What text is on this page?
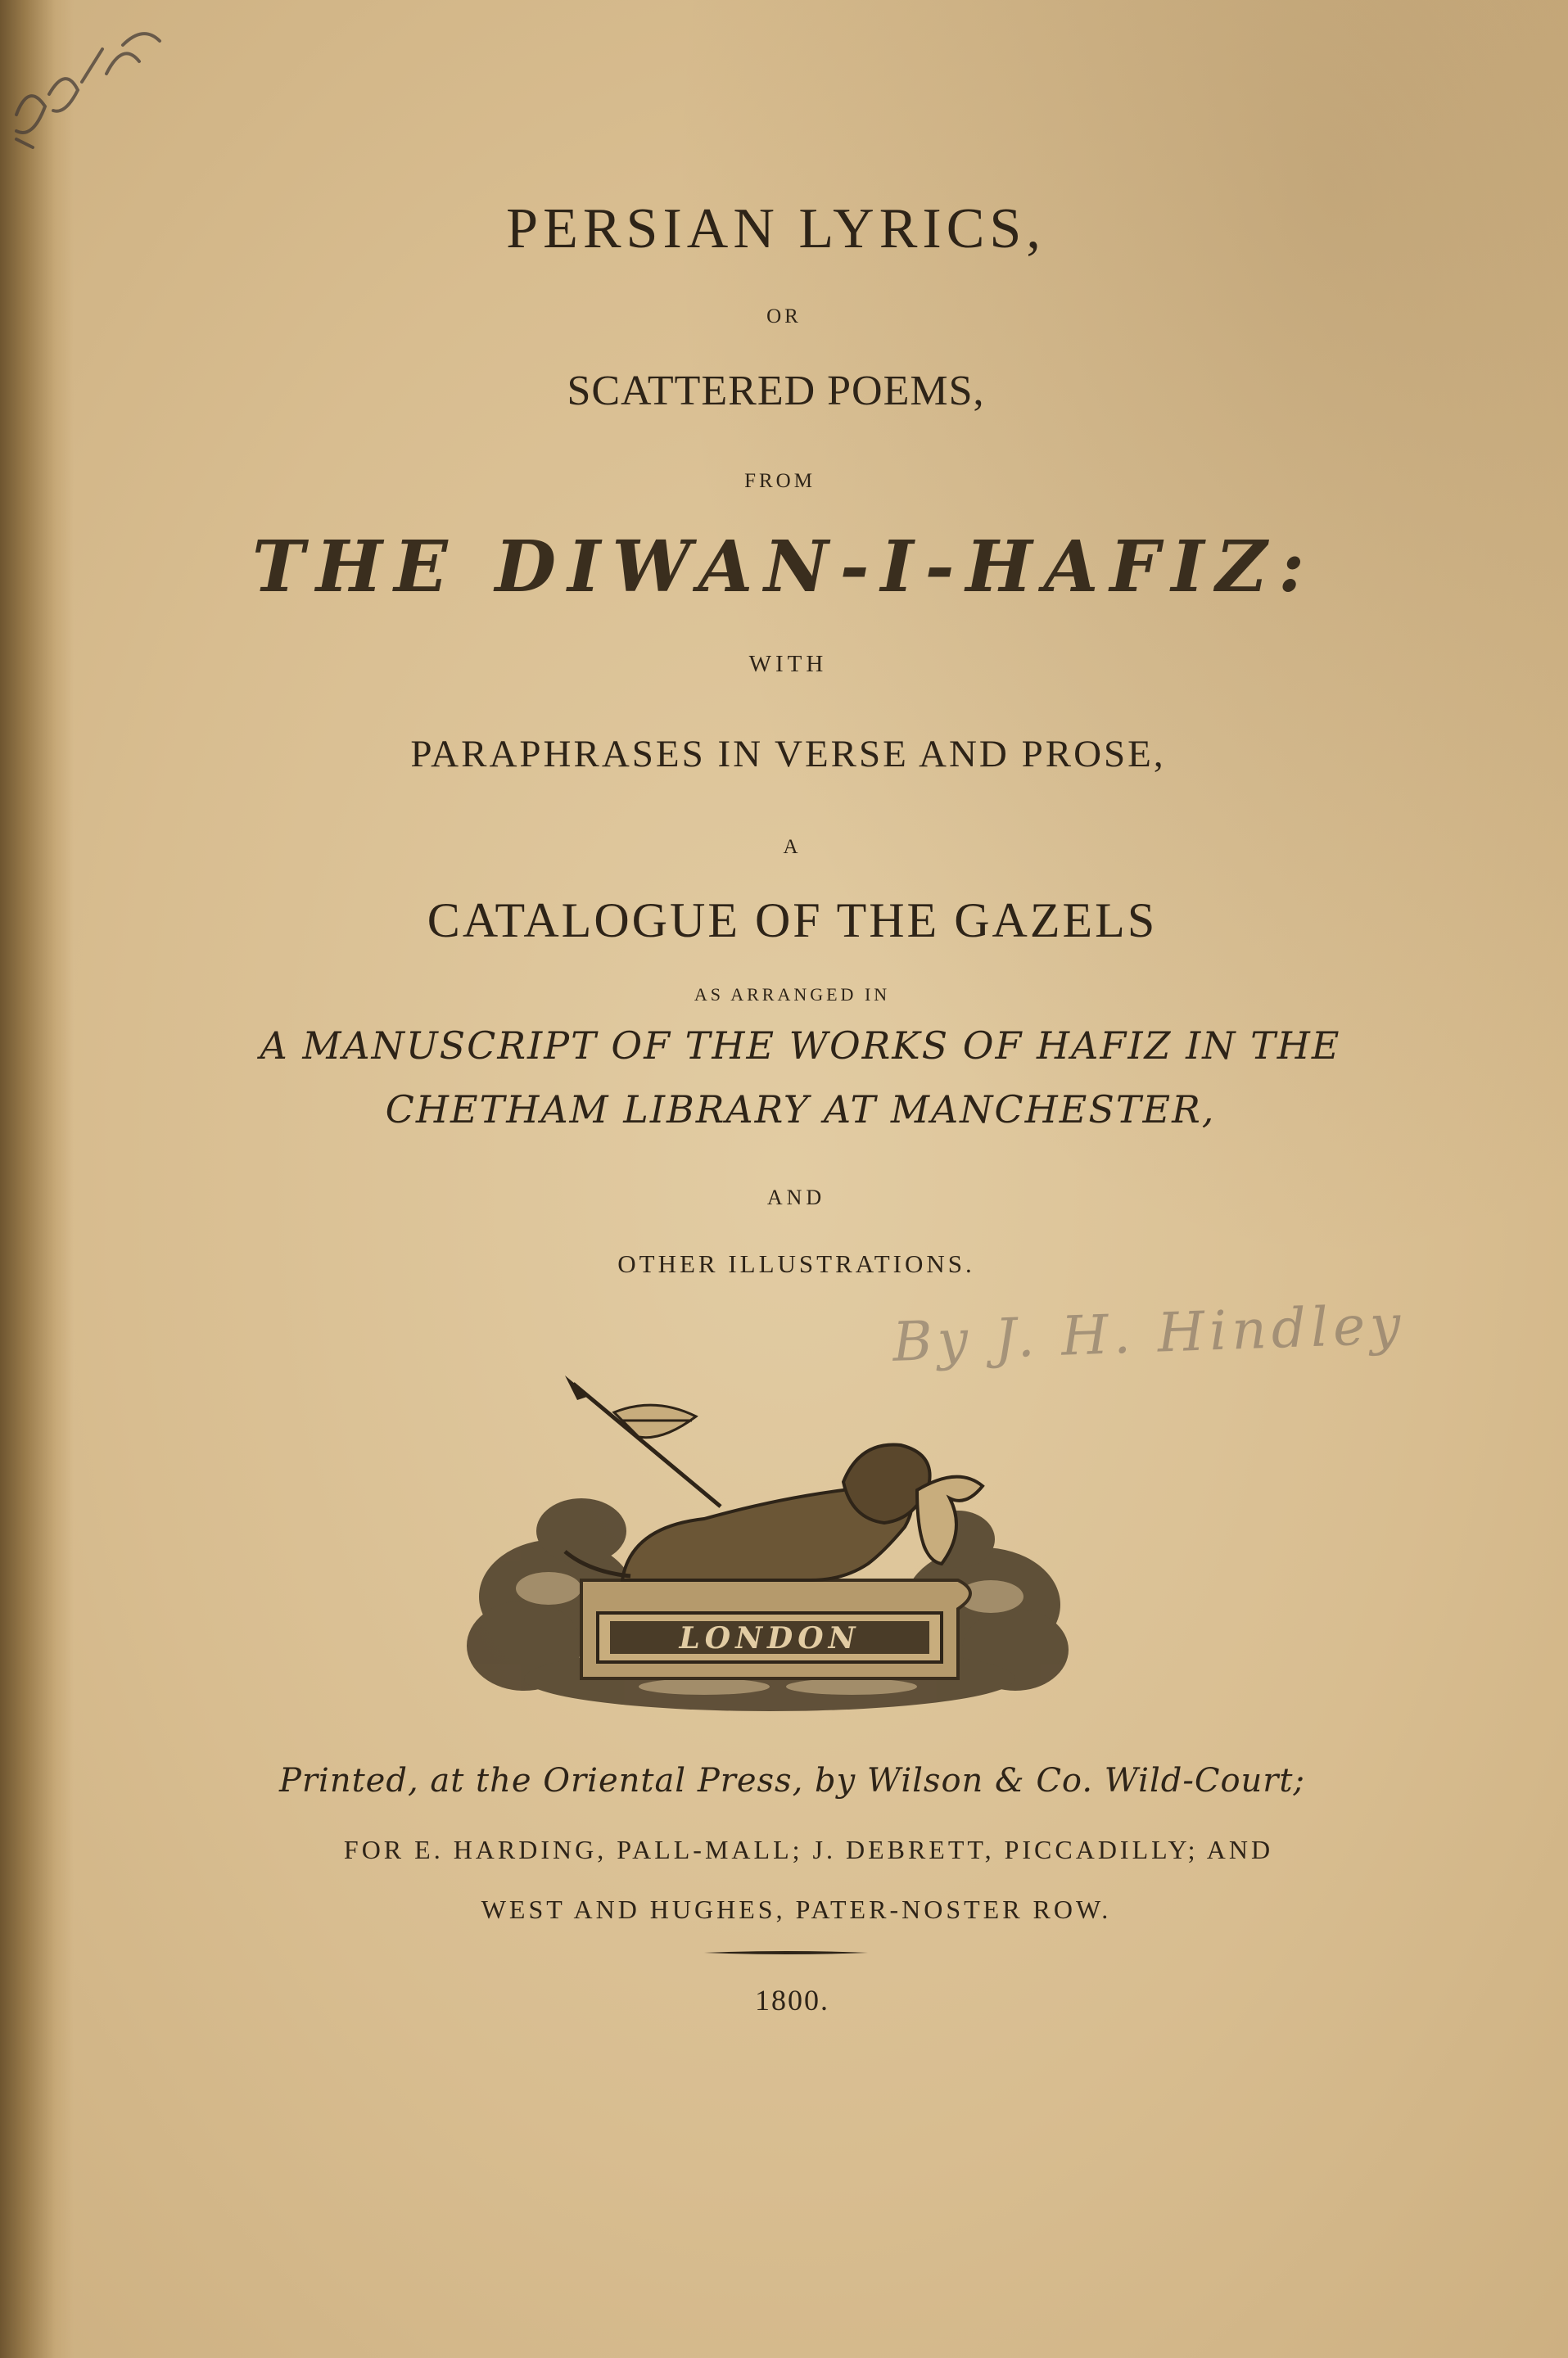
23/-28
PERSIAN LYRICS,
OR
SCATTERED POEMS,
FROM
THE DIWAN-I-HAFIZ:
WITH
PARAPHRASES IN VERSE AND PROSE,
A
CATALOGUE OF THE GAZELS
AS ARRANGED IN
A MANUSCRIPT OF THE WORKS OF HAFIZ IN THE
CHETHAM LIBRARY AT MANCHESTER,
AND
OTHER ILLUSTRATIONS.
By J. H. Hindley
LONDON
Printed, at the Oriental Press, by Wilson & Co. Wild-Court;
FOR E. HARDING, PALL-MALL; J. DEBRETT, PICCADILLY; AND
WEST AND HUGHES, PATER-NOSTER ROW.
1800.
